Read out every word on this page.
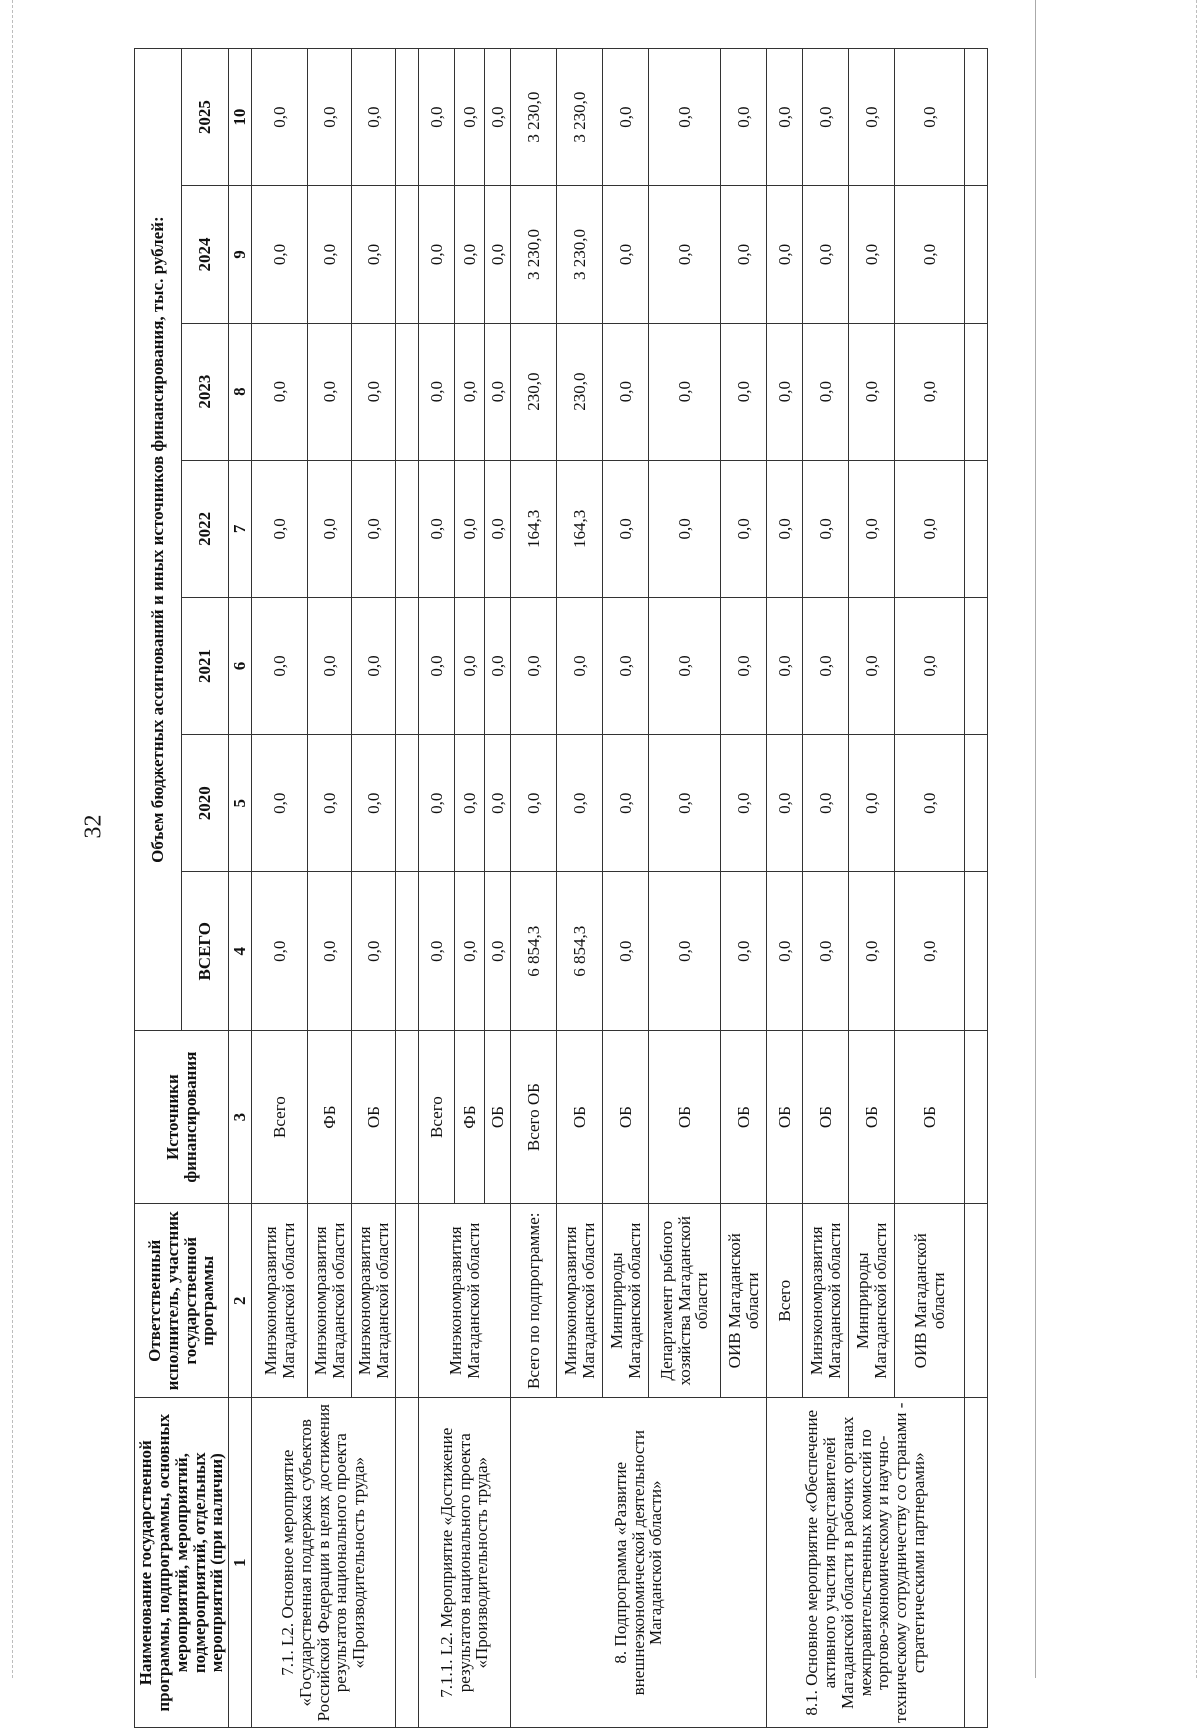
32
Наименование государственной программы, подпрограммы, основных мероприятий, мероприятий, подмероприятий, отдельных мероприятий (при наличии)	Ответственный исполнитель, участник государственной программы	Источники финансирования	Объем бюджетных ассигнований и иных источников финансирования, тыс. рублей:						
			ВСЕГО	2020	2021	2022	2023	2024	2025
1	2	3	4	5	6	7	8	9	10
7.1. L2. Основное мероприятие «Государственная поддержка субъектов Российской Федерации в целях достижения результатов национального проекта «Производительность труда»	Минэкономразвития Магаданской области	Всего	0,0	0,0	0,0	0,0	0,0	0,0	0,0
	Минэкономразвития Магаданской области	ФБ	0,0	0,0	0,0	0,0	0,0	0,0	0,0
	Минэкономразвития Магаданской области	ОБ	0,0	0,0	0,0	0,0	0,0	0,0	0,0

7.1.1. L2. Мероприятие «Достижение результатов национального проекта «Производительность труда»	Минэкономразвития Магаданской области	Всего	0,0	0,0	0,0	0,0	0,0	0,0	0,0
		ФБ	0,0	0,0	0,0	0,0	0,0	0,0	0,0
		ОБ	0,0	0,0	0,0	0,0	0,0	0,0	0,0
8. Подпрограмма «Развитие внешнеэкономической деятельности Магаданской области»	Всего по подпрограмме:	Всего ОБ	6 854,3	0,0	0,0	164,3	230,0	3 230,0	3 230,0
	Минэкономразвития Магаданской области	ОБ	6 854,3	0,0	0,0	164,3	230,0	3 230,0	3 230,0
	Минприроды Магаданской области	ОБ	0,0	0,0	0,0	0,0	0,0	0,0	0,0
	Департамент рыбного хозяйства Магаданской области	ОБ	0,0	0,0	0,0	0,0	0,0	0,0	0,0
	ОИВ Магаданской области	ОБ	0,0	0,0	0,0	0,0	0,0	0,0	0,0
8.1. Основное мероприятие «Обеспечение активного участия представителей Магаданской области в рабочих органах межправительственных комиссий по торгово-экономическому и научно-техническому сотрудничеству со странами - стратегическими партнерами»	Всего	ОБ	0,0	0,0	0,0	0,0	0,0	0,0	0,0
	Минэкономразвития Магаданской области	ОБ	0,0	0,0	0,0	0,0	0,0	0,0	0,0
	Минприроды Магаданской области	ОБ	0,0	0,0	0,0	0,0	0,0	0,0	0,0
	ОИВ Магаданской области	ОБ	0,0	0,0	0,0	0,0	0,0	0,0	0,0
